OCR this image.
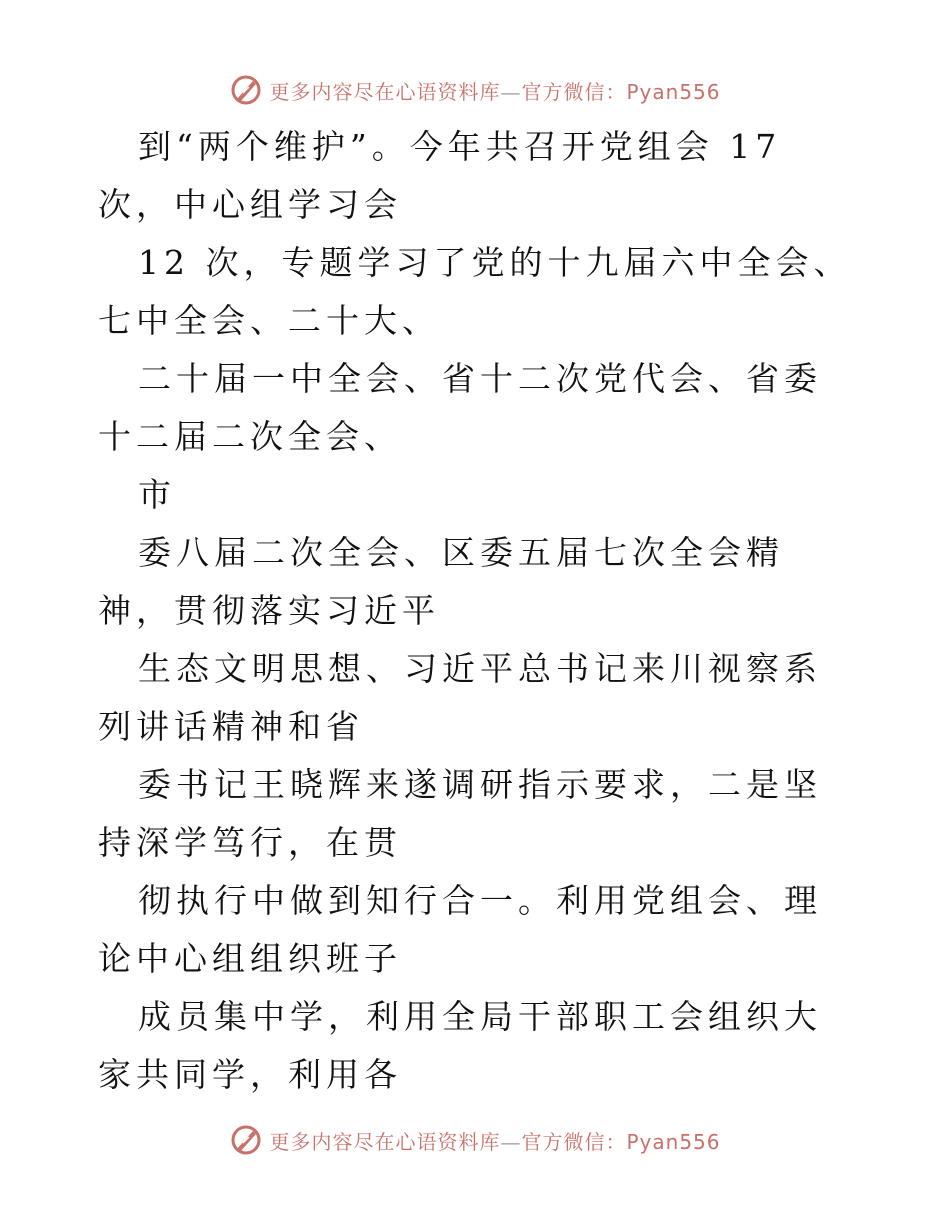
更多内容尽在心语资料库—官方微信：Pyan556

到“两个维护”。今年共召开党组会 17 次，中心组学习会

12 次，专题学习了党的十九届六中全会、七中全会、二十大、

二十届一中全会、省十二次党代会、省委十二届二次全会、

市

委八届二次全会、区委五届七次全会精神，贯彻落实习近平

生态文明思想、习近平总书记来川视察系列讲话精神和省

委书记王晓辉来遂调研指示要求，二是坚持深学笃行，在贯

彻执行中做到知行合一。利用党组会、理论中心组组织班子

成员集中学，利用全局干部职工会组织大家共同学，利用各

更多内容尽在心语资料库—官方微信：Pyan556
